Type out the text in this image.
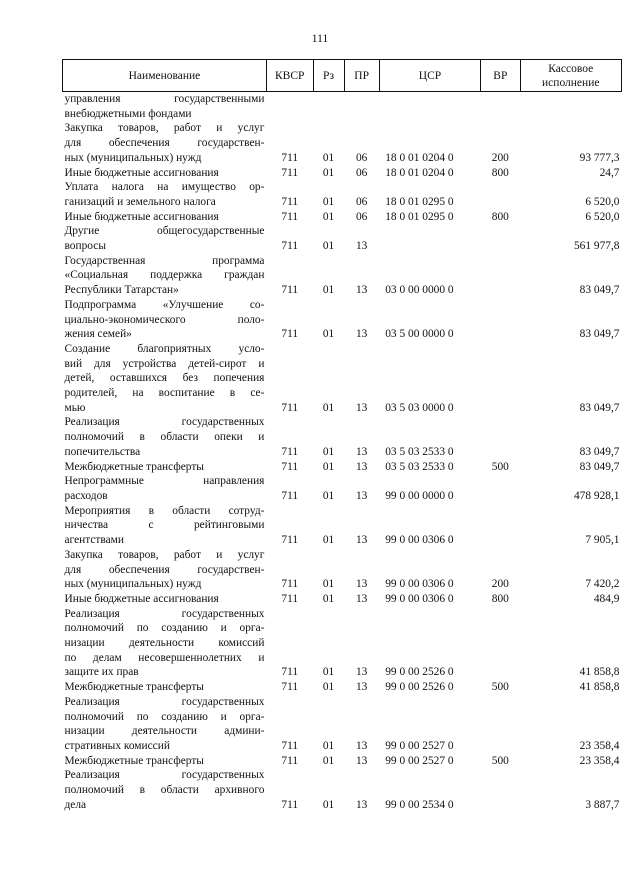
111
Наименование	КВСР	Рз	ПР	ЦСР	ВР	Кассовое
исполнение

управления государственными
внебюджетными фондами						

Закупка товаров, работ и услуг
для обеспечения государствен-
ных (муниципальных) нужд	711	01	06	18 0 01 0204 0	200	93 777,3

Иные бюджетные ассигнования	711	01	06	18 0 01 0204 0	800	24,7

Уплата налога на имущество ор-
ганизаций и земельного налога	711	01	06	18 0 01 0295 0		6 520,0

Иные бюджетные ассигнования	711	01	06	18 0 01 0295 0	800	6 520,0

Другие общегосударственные
вопросы	711	01	13			561 977,8

Государственная программа
«Социальная поддержка граждан
Республики Татарстан»	711	01	13	03 0 00 0000 0		83 049,7

Подпрограмма «Улучшение со-
циально-экономического поло-
жения семей»	711	01	13	03 5 00 0000 0		83 049,7

Создание благоприятных усло-
вий для устройства детей-сирот и
детей, оставшихся без попечения
родителей, на воспитание в се-
мью	711	01	13	03 5 03 0000 0		83 049,7

Реализация государственных
полномочий в области опеки и
попечительства	711	01	13	03 5 03 2533 0		83 049,7

Межбюджетные трансферты	711	01	13	03 5 03 2533 0	500	83 049,7

Непрограммные направления
расходов	711	01	13	99 0 00 0000 0		478 928,1

Мероприятия в области сотруд-
ничества с рейтинговыми
агентствами	711	01	13	99 0 00 0306 0		7 905,1

Закупка товаров, работ и услуг
для обеспечения государствен-
ных (муниципальных) нужд	711	01	13	99 0 00 0306 0	200	7 420,2

Иные бюджетные ассигнования	711	01	13	99 0 00 0306 0	800	484,9

Реализация государственных
полномочий по созданию и орга-
низации деятельности комиссий
по делам несовершеннолетних и
защите их прав	711	01	13	99 0 00 2526 0		41 858,8

Межбюджетные трансферты	711	01	13	99 0 00 2526 0	500	41 858,8

Реализация государственных
полномочий по созданию и орга-
низации деятельности админи-
стративных комиссий	711	01	13	99 0 00 2527 0		23 358,4

Межбюджетные трансферты	711	01	13	99 0 00 2527 0	500	23 358,4

Реализация государственных
полномочий в области архивного
дела	711	01	13	99 0 00 2534 0		3 887,7
